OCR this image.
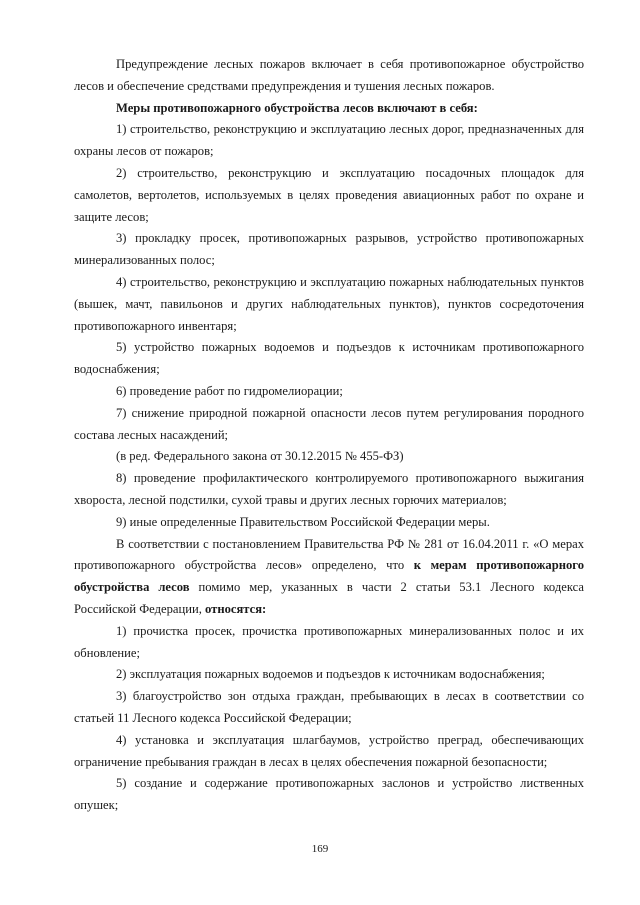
Предупреждение лесных пожаров включает в себя противопожарное обустройство лесов и обеспечение средствами предупреждения и тушения лесных пожаров.

Меры противопожарного обустройства лесов включают в себя:

1) строительство, реконструкцию и эксплуатацию лесных дорог, предназначенных для охраны лесов от пожаров;

2) строительство, реконструкцию и эксплуатацию посадочных площадок для самолетов, вертолетов, используемых в целях проведения авиационных работ по охране и защите лесов;

3) прокладку просек, противопожарных разрывов, устройство противопожарных минерализованных полос;

4) строительство, реконструкцию и эксплуатацию пожарных наблюдательных пунктов (вышек, мачт, павильонов и других наблюдательных пунктов), пунктов сосредоточения противопожарного инвентаря;

5) устройство пожарных водоемов и подъездов к источникам противопожарного водоснабжения;

6) проведение работ по гидромелиорации;

7) снижение природной пожарной опасности лесов путем регулирования породного состава лесных насаждений;

(в ред. Федерального закона от 30.12.2015 № 455-ФЗ)

8) проведение профилактического контролируемого противопожарного выжигания хвороста, лесной подстилки, сухой травы и других лесных горючих материалов;

9) иные определенные Правительством Российской Федерации меры.

В соответствии с постановлением Правительства РФ № 281 от 16.04.2011 г. «О мерах противопожарного обустройства лесов» определено, что к мерам противопожарного обустройства лесов помимо мер, указанных в части 2 статьи 53.1 Лесного кодекса Российской Федерации, относятся:

1) прочистка просек, прочистка противопожарных минерализованных полос и их обновление;

2) эксплуатация пожарных водоемов и подъездов к источникам водоснабжения;

3) благоустройство зон отдыха граждан, пребывающих в лесах в соответствии со статьей 11 Лесного кодекса Российской Федерации;

4) установка и эксплуатация шлагбаумов, устройство преград, обеспечивающих ограничение пребывания граждан в лесах в целях обеспечения пожарной безопасности;

5) создание и содержание противопожарных заслонов и устройство лиственных опушек;

169
